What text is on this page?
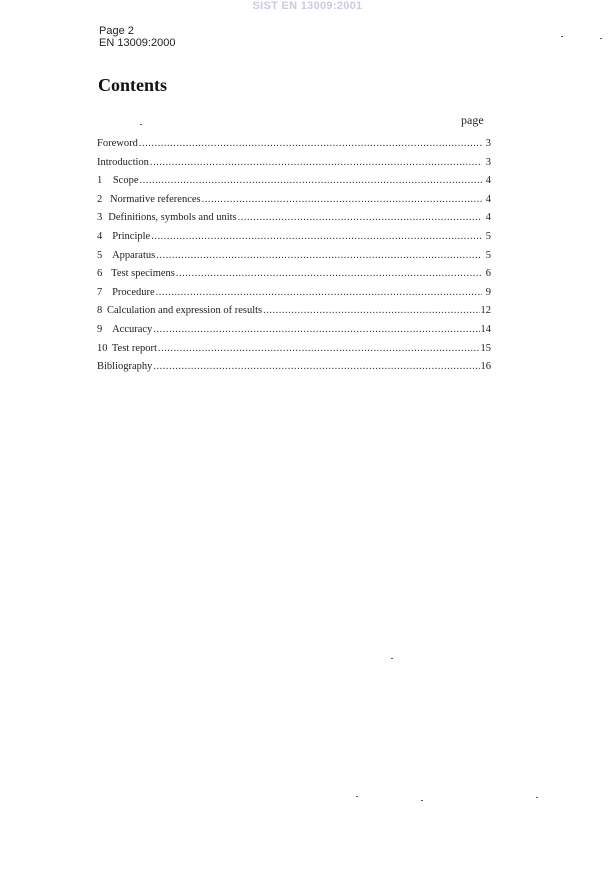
SIST EN 13009:2001
Page 2
EN 13009:2000
Contents
page
Foreword .....	3
Introduction .....	3
1	Scope .....	4
2 Normative references .....	4
3 Definitions, symbols and units .....	4
4 Principle .....	5
5 Apparatus .....	5
6 Test specimens .....	6
7 Procedure .....	9
8 Calculation and expression of results .....	12
9 Accuracy .....	14
10 Test report .....	15
Bibliography .....	16
